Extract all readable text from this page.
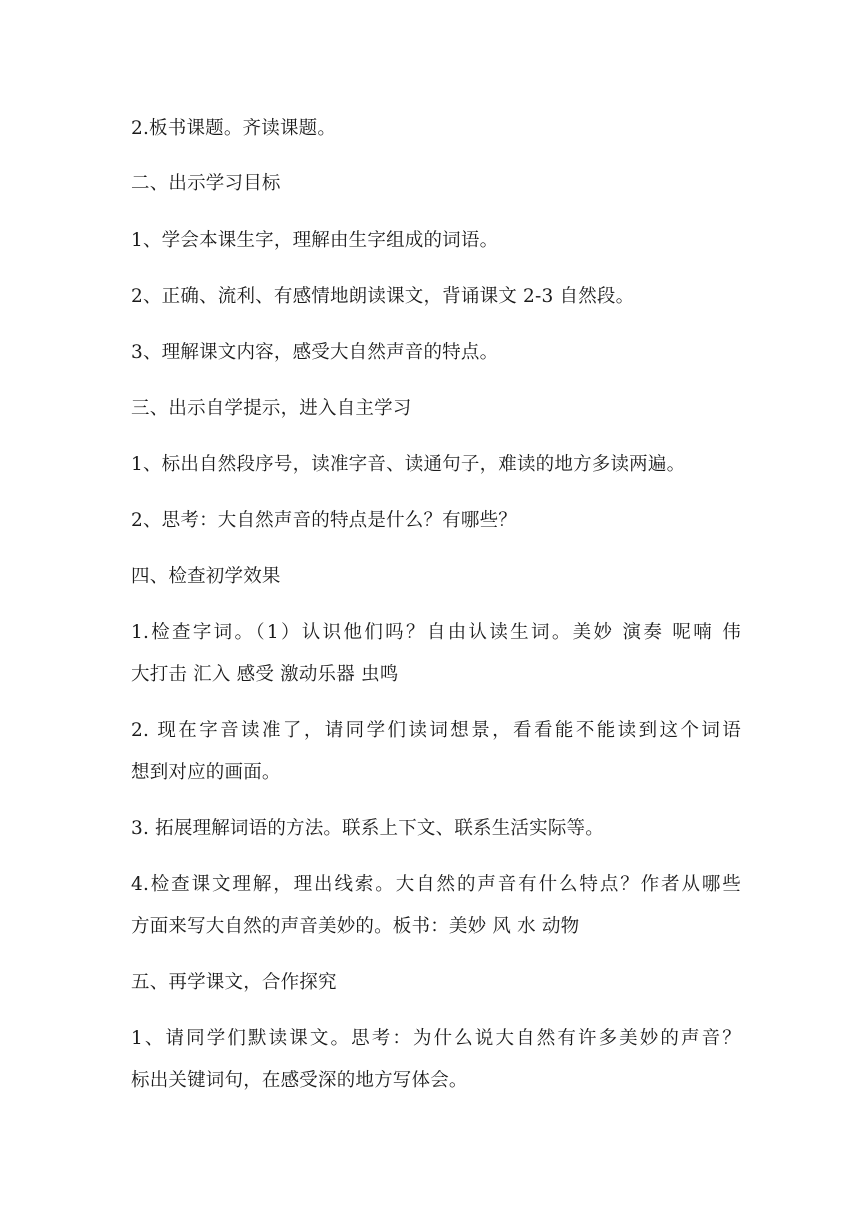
2.板书课题。齐读课题。
二、出示学习目标
1、学会本课生字，理解由生字组成的词语。
2、正确、流利、有感情地朗读课文，背诵课文 2-3 自然段。
3、理解课文内容，感受大自然声音的特点。
三、出示自学提示，进入自主学习
1、标出自然段序号，读准字音、读通句子，难读的地方多读两遍。
2、思考：大自然声音的特点是什么？有哪些？
四、检查初学效果
1.检查字词。（1）认识他们吗？自由认读生词。美妙 演奏 呢喃 伟
大打击 汇入 感受 激动乐器 虫鸣
2. 现在字音读准了，请同学们读词想景，看看能不能读到这个词语
想到对应的画面。
3. 拓展理解词语的方法。联系上下文、联系生活实际等。
4.检查课文理解，理出线索。大自然的声音有什么特点？作者从哪些
方面来写大自然的声音美妙的。板书：美妙 风 水 动物
五、再学课文，合作探究
1、请同学们默读课文。思考：为什么说大自然有许多美妙的声音？
标出关键词句，在感受深的地方写体会。
